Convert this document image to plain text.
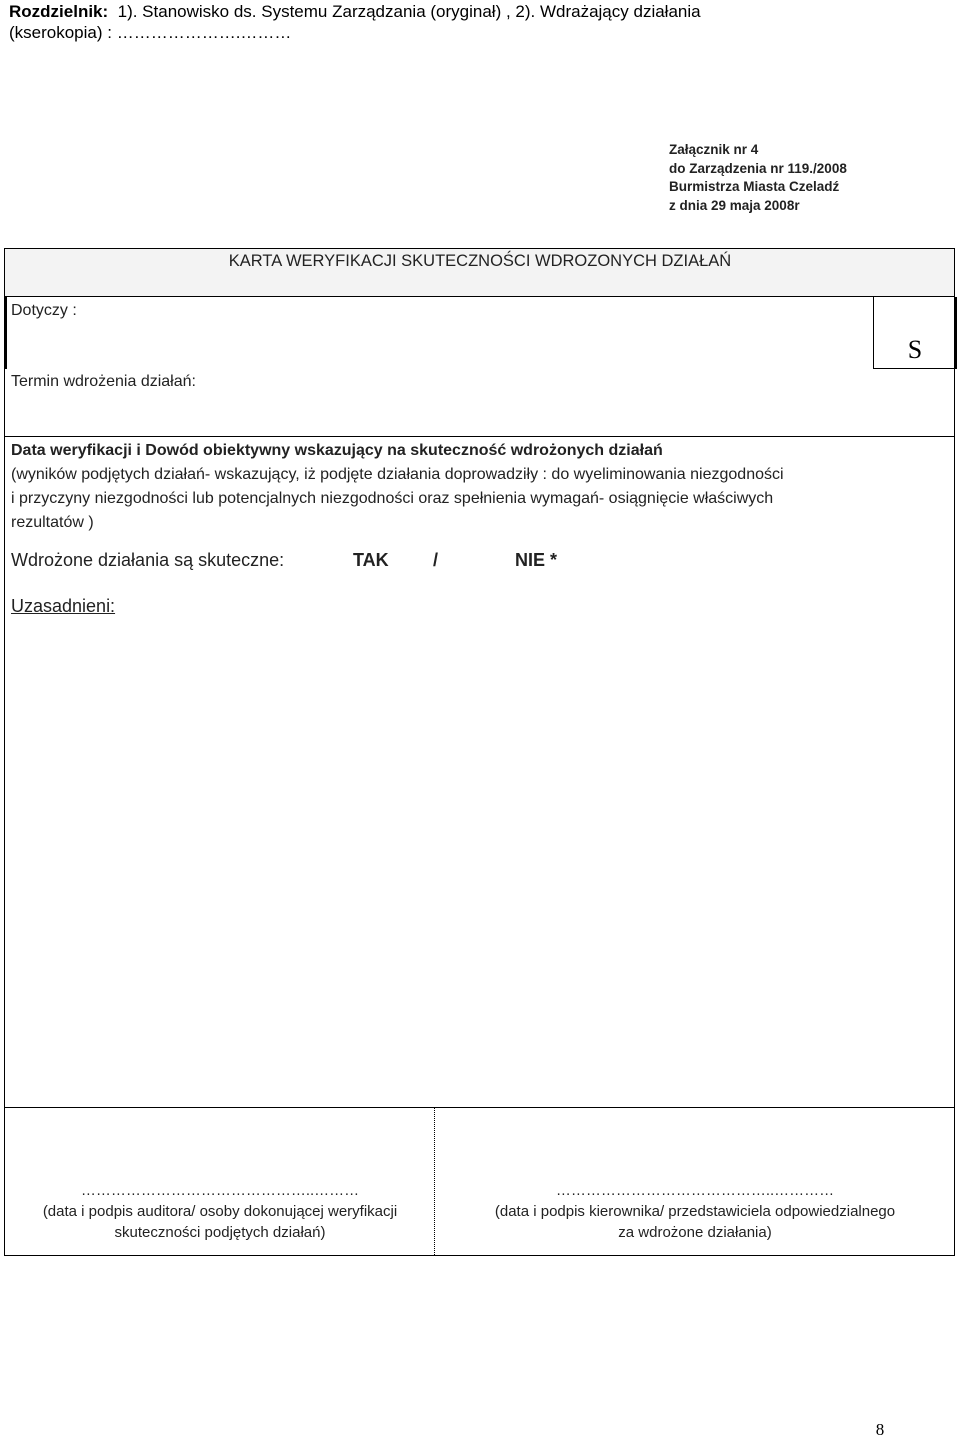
Rozdzielnik: 1). Stanowisko ds. Systemu Zarządzania (oryginał) , 2). Wdrażający działania
(kserokopia) : ………………….………
Załącznik nr 4
do Zarządzenia nr 119./2008
Burmistrza Miasta Czeladź
z dnia 29 maja 2008r
KARTA WERYFIKACJI SKUTECZNOŚCI WDROZONYCH DZIAŁAŃ
Dotyczy :
Termin wdrożenia działań:
S
Data weryfikacji i Dowód obiektywny wskazujący na skuteczność wdrożonych działań
(wyników podjętych działań- wskazujący, iż podjęte działania doprowadziły : do wyeliminowania niezgodności
i przyczyny niezgodności lub potencjalnych niezgodności oraz spełnienia wymagań- osiągnięcie właściwych
rezultatów )
Wdrożone działania są skuteczne:	TAK /	NIE *
Uzasadnieni:
………………………………………..………
(data i podpis auditora/ osoby dokonującej weryfikacji
skuteczności podjętych działań)
……………………………………..…………
(data i podpis kierownika/ przedstawiciela odpowiedzialnego
za wdrożone działania)
8
